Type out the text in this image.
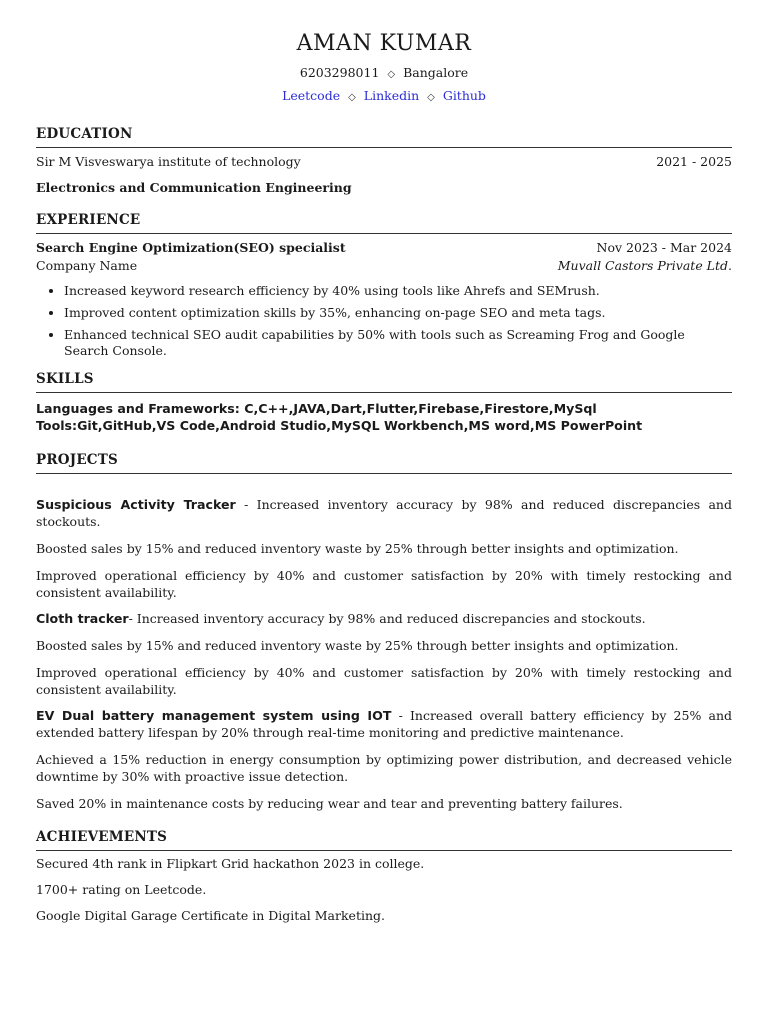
AMAN KUMAR
6203298011 ◇ Bangalore
Leetcode ◇ Linkedin ◇ Github
EDUCATION
Sir M Visveswarya institute of technology	2021 - 2025
Electronics and Communication Engineering
EXPERIENCE
Search Engine Optimization(SEO) specialist	Nov 2023 - Mar 2024
Company Name	Muvall Castors Private Ltd.
• Increased keyword research efficiency by 40% using tools like Ahrefs and SEMrush.
• Improved content optimization skills by 35%, enhancing on-page SEO and meta tags.
• Enhanced technical SEO audit capabilities by 50% with tools such as Screaming Frog and Google Search Console.
SKILLS
Languages and Frameworks: C,C++,JAVA,Dart,Flutter,Firebase,Firestore,MySql
Tools:Git,GitHub,VS Code,Android Studio,MySQL Workbench,MS word,MS PowerPoint
PROJECTS

Suspicious Activity Tracker - Increased inventory accuracy by 98% and reduced discrepancies and stockouts.

Boosted sales by 15% and reduced inventory waste by 25% through better insights and optimization.

Improved operational efficiency by 40% and customer satisfaction by 20% with timely restocking and consistent availability.

Cloth tracker- Increased inventory accuracy by 98% and reduced discrepancies and stockouts.

Boosted sales by 15% and reduced inventory waste by 25% through better insights and optimization.

Improved operational efficiency by 40% and customer satisfaction by 20% with timely restocking and consistent availability.

EV Dual battery management system using IOT - Increased overall battery efficiency by 25% and extended battery lifespan by 20% through real-time monitoring and predictive maintenance.

Achieved a 15% reduction in energy consumption by optimizing power distribution, and decreased vehicle downtime by 30% with proactive issue detection.

Saved 20% in maintenance costs by reducing wear and tear and preventing battery failures.

ACHIEVEMENTS

Secured 4th rank in Flipkart Grid hackathon 2023 in college.

1700+ rating on Leetcode.

Google Digital Garage Certificate in Digital Marketing.
